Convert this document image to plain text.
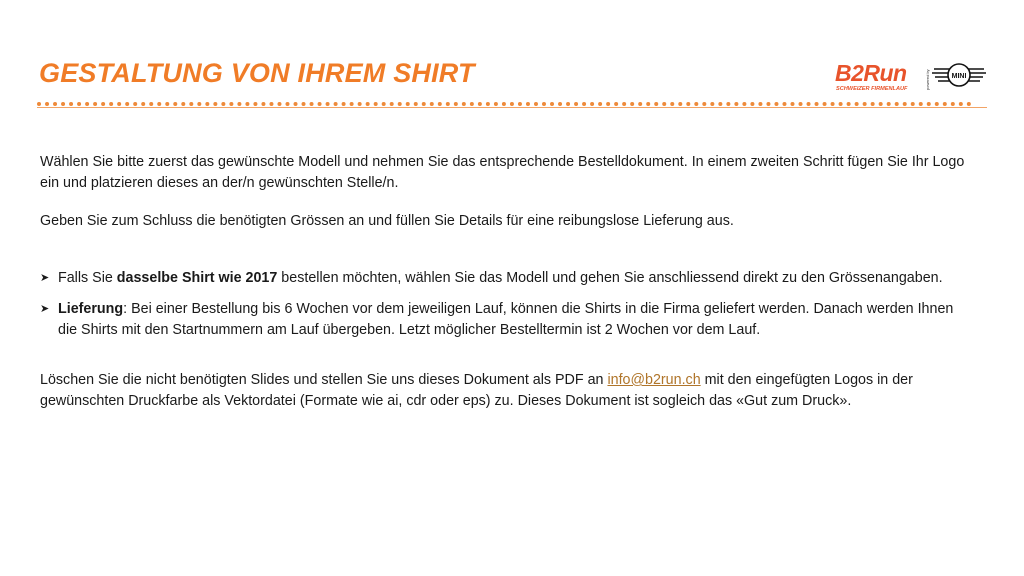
GESTALTUNG VON IHREM SHIRT	B2Run
SCHWEIZER FIRMENLAUF	powered by	MINI

Wählen Sie bitte zuerst das gewünschte Modell und nehmen Sie das entsprechende Bestelldokument. In einem zweiten Schritt fügen Sie Ihr Logo ein und platzieren dieses an der/n gewünschten Stelle/n.

Geben Sie zum Schluss die benötigten Grössen an und füllen Sie Details für eine reibungslose Lieferung aus.

➤ Falls Sie dasselbe Shirt wie 2017 bestellen möchten, wählen Sie das Modell und gehen Sie anschliessend direkt zu den Grössenangaben.
➤ Lieferung: Bei einer Bestellung bis 6 Wochen vor dem jeweiligen Lauf, können die Shirts in die Firma geliefert werden. Danach werden Ihnen die Shirts mit den Startnummern am Lauf übergeben. Letzt möglicher Bestelltermin ist 2 Wochen vor dem Lauf.

Löschen Sie die nicht benötigten Slides und stellen Sie uns dieses Dokument als PDF an info@b2run.ch mit den eingefügten Logos in der gewünschten Druckfarbe als Vektordatei (Formate wie ai, cdr oder eps) zu. Dieses Dokument ist sogleich das «Gut zum Druck».
